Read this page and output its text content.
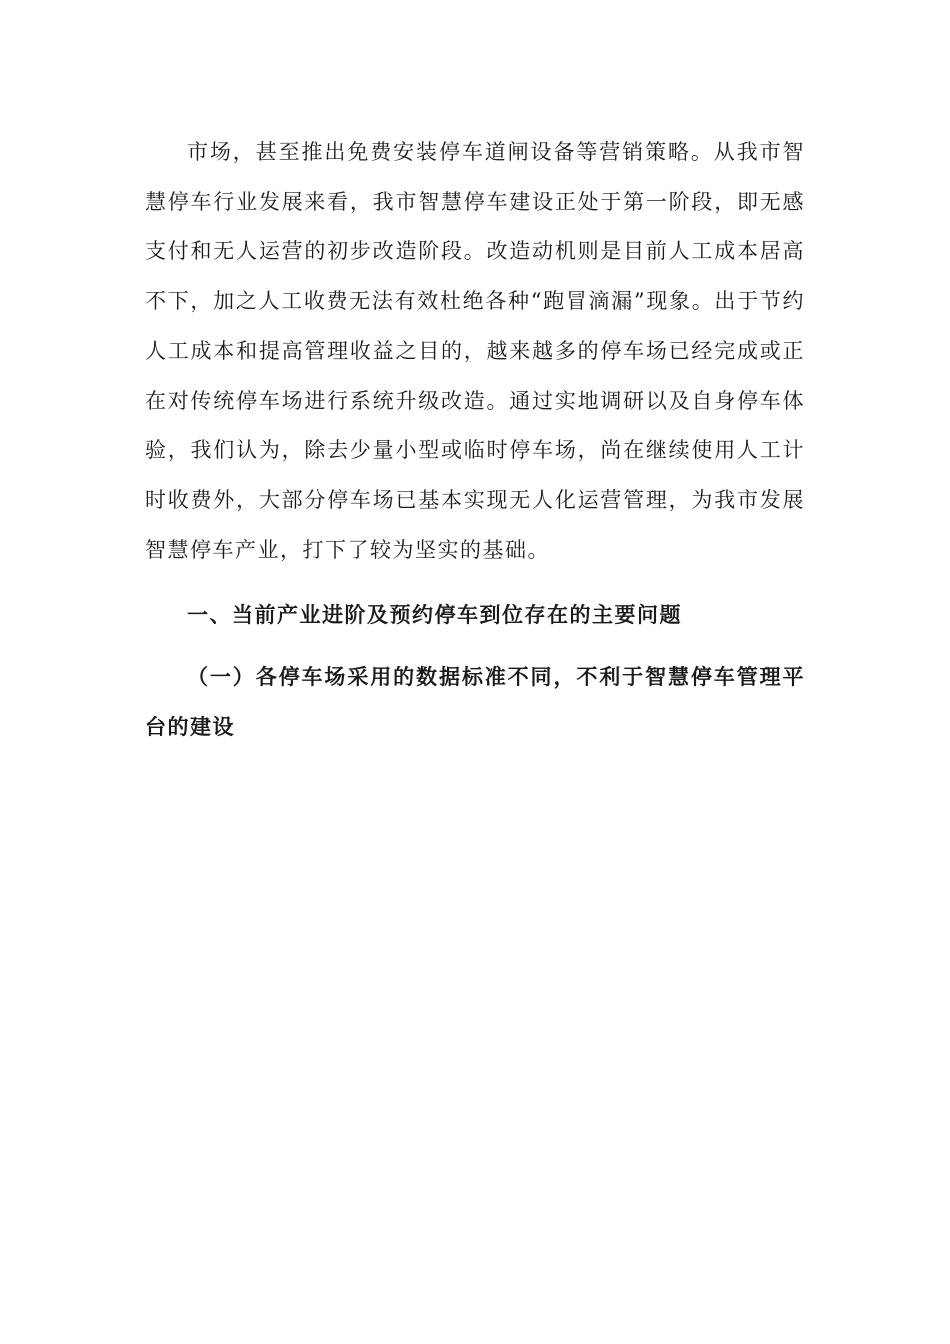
市场，甚至推出免费安装停车道闸设备等营销策略。从我市智慧停车行业发展来看，我市智慧停车建设正处于第一阶段，即无感支付和无人运营的初步改造阶段。改造动机则是目前人工成本居高不下，加之人工收费无法有效杜绝各种“跑冒滴漏”现象。出于节约人工成本和提高管理收益之目的，越来越多的停车场已经完成或正在对传统停车场进行系统升级改造。通过实地调研以及自身停车体验，我们认为，除去少量小型或临时停车场，尚在继续使用人工计时收费外，大部分停车场已基本实现无人化运营管理，为我市发展智慧停车产业，打下了较为坚实的基础。

一、当前产业进阶及预约停车到位存在的主要问题
（一）各停车场采用的数据标准不同，不利于智慧停车管理平台的建设
